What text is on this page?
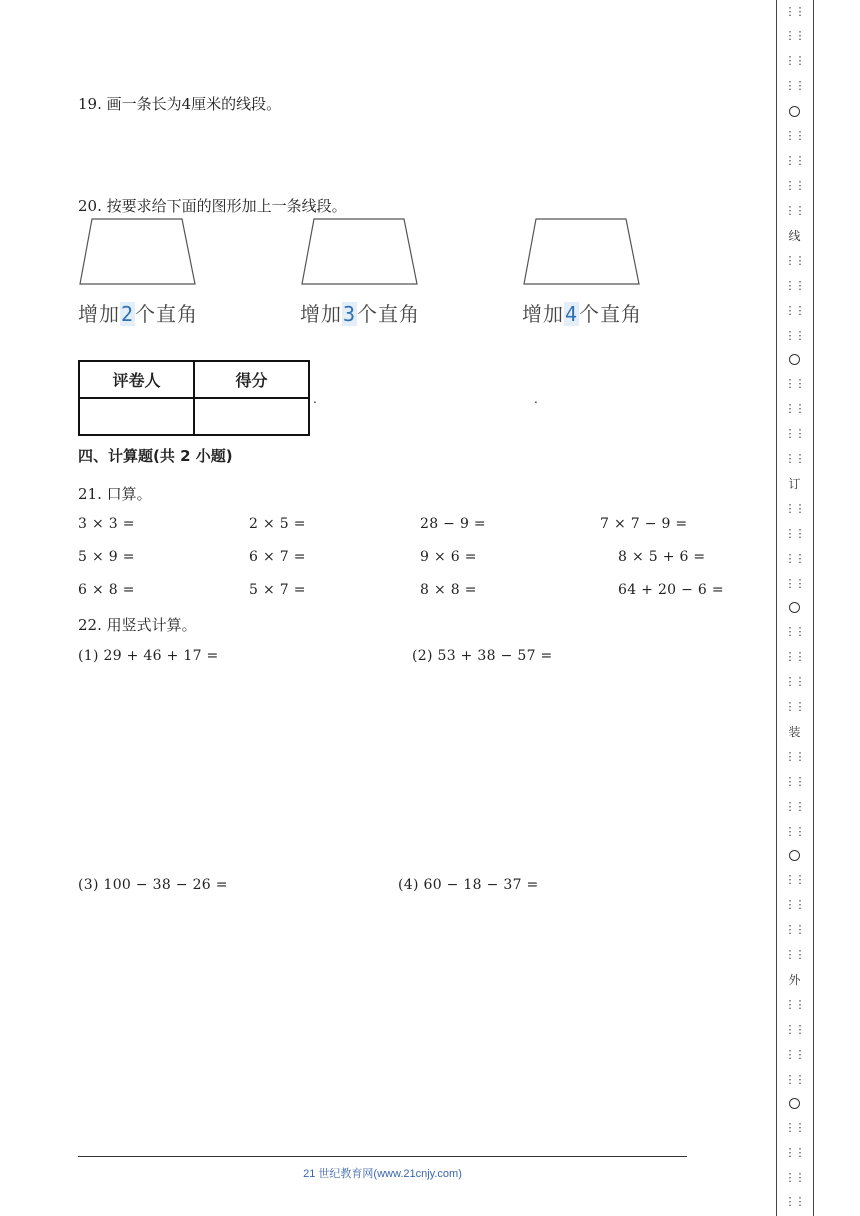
19. 画一条长为4厘米的线段。
20. 按要求给下面的图形加上一条线段。
增加2个直角	增加3个直角	增加4个直角
评卷人	得分

.	.
四、计算题(共 2 小题)
21. 口算。
3 × 3 =	2 × 5 =	28 − 9 =	7 × 7 − 9 =
5 × 9 =	6 × 7 =	9 × 6 =	8 × 5 + 6 =
6 × 8 =	5 × 7 =	8 × 8 =	64 + 20 − 6 =
22. 用竖式计算。
(1) 29 + 46 + 17 =	(2) 53 + 38 − 57 =
(3) 100 − 38 − 26 =	(4) 60 − 18 − 37 =
21 世纪教育网(www.21cnjy.com)
⋮⋮
⋮⋮
⋮⋮
⋮⋮
⋮⋮
⋮⋮
⋮⋮
⋮⋮
线
⋮⋮
⋮⋮
⋮⋮
⋮⋮
⋮⋮
⋮⋮
⋮⋮
⋮⋮
订
⋮⋮
⋮⋮
⋮⋮
⋮⋮
⋮⋮
⋮⋮
⋮⋮
⋮⋮
装
⋮⋮
⋮⋮
⋮⋮
⋮⋮
⋮⋮
⋮⋮
⋮⋮
⋮⋮
外
⋮⋮
⋮⋮
⋮⋮
⋮⋮
⋮⋮
⋮⋮
⋮⋮
⋮⋮
